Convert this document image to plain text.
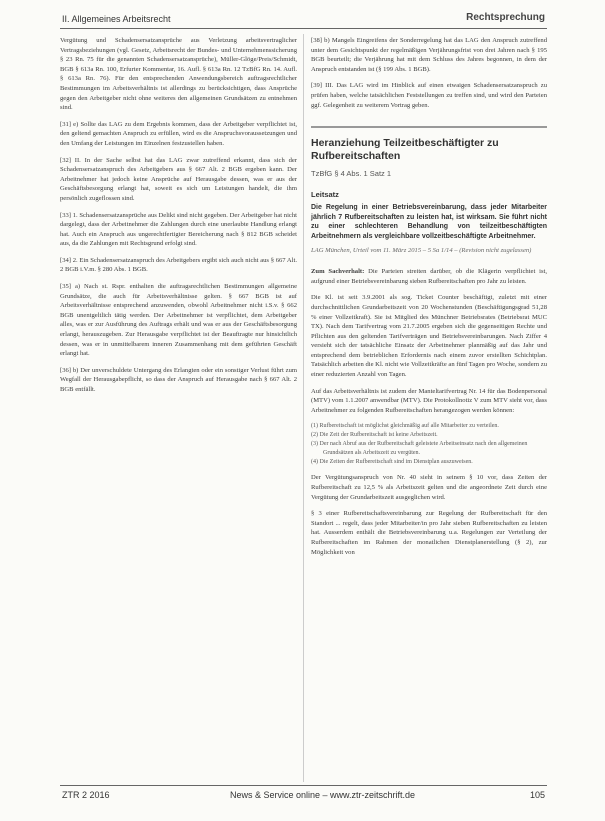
II. Allgemeines Arbeitsrecht	Rechtsprechung

Vergütung und Schadensersatzansprüche aus Verletzung arbeitsvertraglicher Vertragsbeziehungen (vgl. Gesetz, Arbeitsrecht der Bundes- und Unternehmenssicherung § 23 Rn. 75 für die genannten Schadensersatzansprüche), Müller-Glöge/Preis/Schmidt, BGB § 613a Rn. 100, Erfurter Kommentar, 16. Aufl. § 613a Rn. 12 TzBfG Rn. 14. Aufl. § 613a Rn. 76). Für den entsprechenden Anwendungsbereich auftragsrechtlicher Bestimmungen im Arbeitsverhältnis ist allerdings zu berücksichtigen, dass Ansprüche gegen den Arbeitgeber nicht ohne weiteres den allgemeinen Grundsätzen zu entnehmen sind.

[31] e) Sollte das LAG zu dem Ergebnis kommen, dass der Arbeitgeber verpflichtet ist, den geltend gemachten Anspruch zu erfüllen, wird es die Anspruchsvoraussetzungen und den Umfang der Leistungen im Einzelnen festzustellen haben.

[32] II. In der Sache selbst hat das LAG zwar zutreffend erkannt, dass sich der Schadensersatzanspruch des Arbeitgebers aus § 667 Alt. 2 BGB ergeben kann. Der Arbeitnehmer hat jedoch keine Ansprüche auf Herausgabe dessen, was er aus der Geschäftsbesorgung erlangt hat, soweit es sich um Leistungen handelt, die ihm persönlich zugeflossen sind.

[33] 1. Schadensersatzansprüche aus Delikt sind nicht gegeben. Der Arbeitgeber hat nicht dargelegt, dass der Arbeitnehmer die Zahlungen durch eine unerlaubte Handlung erlangt hat. Auch ein Anspruch aus ungerechtfertigter Bereicherung nach § 812 BGB scheidet aus, da die Zahlungen mit Rechtsgrund erfolgt sind.

[34] 2. Ein Schadensersatzanspruch des Arbeitgebers ergibt sich auch nicht aus § 667 Alt. 2 BGB i.V.m. § 280 Abs. 1 BGB.

[35] a) Nach st. Rspr. enthalten die auftragsrechtlichen Bestimmungen allgemeine Grundsätze, die auch für Arbeitsverhältnisse gelten. § 667 BGB ist auf Arbeitsverhältnisse entsprechend anzuwenden, obwohl Arbeitnehmer nicht i.S.v. § 662 BGB unentgeltlich tätig werden. Der Arbeitnehmer ist verpflichtet, dem Arbeitgeber alles, was er zur Ausführung des Auftrags erhält und was er aus der Geschäftsbesorgung erlangt, herauszugeben. Zur Herausgabe verpflichtet ist der Beauftragte nur hinsichtlich dessen, was er in unmittelbarem inneren Zusammenhang mit dem geführten Geschäft erlangt hat.

[36] b) Der unverschuldete Untergang des Erlangten oder ein sonstiger Verlust führt zum Wegfall der Herausgabepflicht, so dass der Anspruch auf Herausgabe nach § 667 Alt. 2 BGB entfällt.

[38] b) Mangels Eingreifens der Sonderregelung hat das LAG den Anspruch zutreffend unter dem Gesichtspunkt der regelmäßigen Verjährungsfrist von drei Jahren nach § 195 BGB beurteilt; die Verjährung hat mit dem Schluss des Jahres begonnen, in dem der Anspruch entstanden ist (§ 199 Abs. 1 BGB).

[39] III. Das LAG wird im Hinblick auf einen etwaigen Schadensersatzanspruch zu prüfen haben, welche tatsächlichen Feststellungen zu treffen sind, und wird den Parteien ggf. Gelegenheit zu weiterem Vortrag geben.

Heranziehung Teilzeitbeschäftigter zu Rufbereitschaften
TzBfG § 4 Abs. 1 Satz 1
Leitsatz

Die Regelung in einer Betriebsvereinbarung, dass jeder Mitarbeiter jährlich 7 Rufbereitschaften zu leisten hat, ist wirksam. Sie führt nicht zu einer schlechteren Behandlung von teilzeitbeschäftigten Arbeitnehmern als vergleichbare vollzeitbeschäftigte Arbeitnehmer.

LAG München, Urteil vom 11. März 2015 – 5 Sa 1/14 – (Revision nicht zugelassen)

Zum Sachverhalt: Die Parteien streiten darüber, ob die Klägerin verpflichtet ist, aufgrund einer Betriebsvereinbarung sieben Rufbereitschaften pro Jahr zu leisten.

Die Kl. ist seit 3.9.2001 als sog. Ticket Counter beschäftigt, zuletzt mit einer durchschnittlichen Grundarbeitszeit von 20 Wochenstunden (Beschäftigungsgrad 51,28 % einer Vollzeitkraft). Sie ist Mitglied des Münchner Betriebsrates (Betriebsrat MUC TX). Nach dem Tarifvertrag vom 21.7.2005 ergeben sich die gegenseitigen Rechte und Pflichten aus den geltenden Tarifverträgen und Betriebsvereinbarungen. Nach Ziffer 4 versieht sich der tatsächliche Einsatz der Arbeitnehmer planmäßig auf das Jahr und entsprechend dem betrieblichen Erfordernis nach einem zuvor erstellten Schichtplan. Tatsächlich arbeiten die Kl. nicht wie Vollzeitkräfte an fünf Tagen pro Woche, sondern zu einer reduzierten Anzahl von Tagen.

Auf das Arbeitsverhältnis ist zudem der Manteltarifvertrag Nr. 14 für das Bodenpersonal (MTV) vom 1.1.2007 anwendbar (MTV). Die Protokollnotiz V zum MTV sieht vor, dass Arbeitnehmer zu folgenden Rufbereitschaften herangezogen werden können:

(1) Rufbereitschaft ist möglichst gleichmäßig auf alle Mitarbeiter zu verteilen.
(2) Die Zeit der Rufbereitschaft ist keine Arbeitszeit.
(3) Der nach Abruf aus der Rufbereitschaft geleistete Arbeitseinsatz nach den allgemeinen Grundsätzen als Arbeitszeit zu vergüten.
(4) Die Zeiten der Rufbereitschaft sind im Dienstplan auszuweisen.

Der Vergütungsanspruch von Nr. 40 sieht in seinem § 10 vor, dass Zeiten der Rufbereitschaft zu 12,5 % als Arbeitszeit gelten und die angeordnete Zeit durch eine Vergütung der Grundarbeitszeit ausgeglichen wird.

§ 3 einer Rufbereitschaftsvereinbarung zur Regelung der Rufbereitschaft für den Standort ... regelt, dass jeder Mitarbeiter/in pro Jahr sieben Rufbereitschaften zu leisten hat. Ausserdem enthält die Betriebsvereinbarung u.a. Regelungen zur Verteilung der Rufbereitschaften im Rahmen der monatlichen Dienstplanerstellung (§ 2), zur Möglichkeit von

ZTR 2 2016	News & Service online – www.ztr-zeitschrift.de	105
